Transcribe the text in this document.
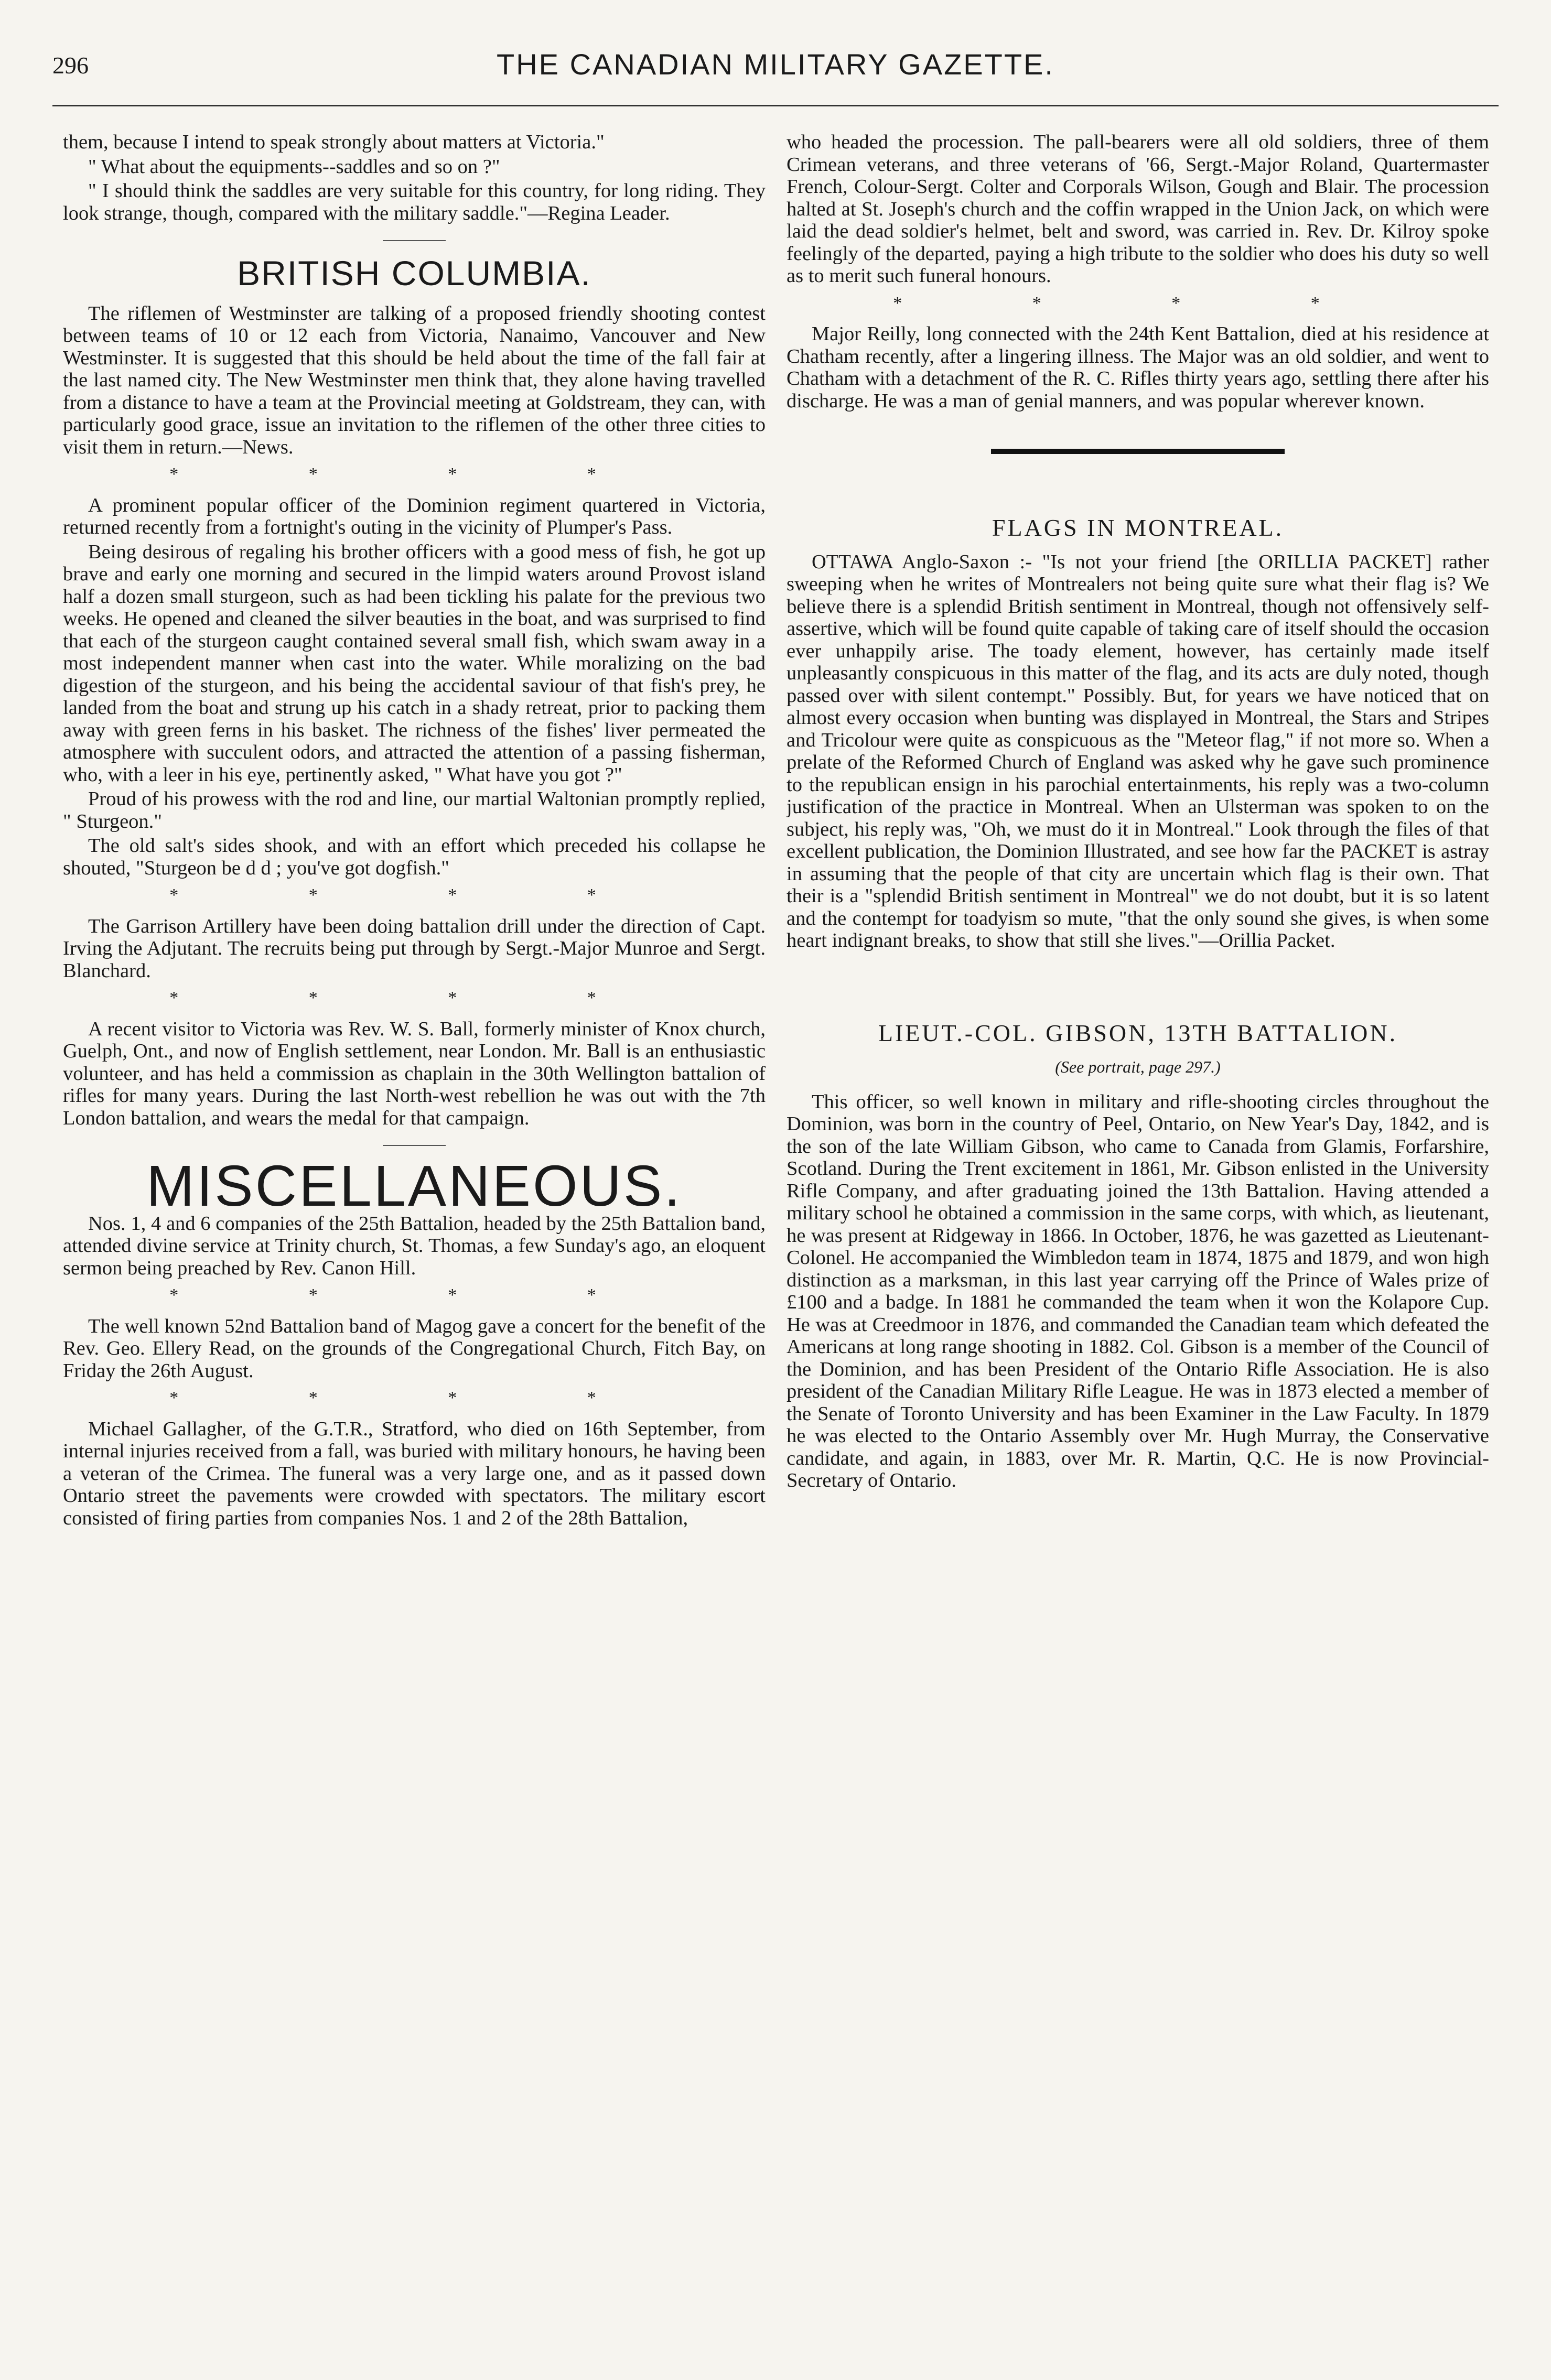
296	THE CANADIAN MILITARY GAZETTE.

them, because I intend to speak strongly about matters at Victoria."

" What about the equipments--saddles and so on ?"

" I should think the saddles are very suitable for this country, for long riding. They look strange, though, compared with the military saddle."—Regina Leader.

BRITISH COLUMBIA.

The riflemen of Westminster are talking of a proposed friendly shooting contest between teams of 10 or 12 each from Victoria, Nanaimo, Vancouver and New Westminster. It is suggested that this should be held about the time of the fall fair at the last named city. The New Westminster men think that, they alone having travelled from a distance to have a team at the Provincial meeting at Goldstream, they can, with particularly good grace, issue an invitation to the riflemen of the other three cities to visit them in return.—News.

* * * *

A prominent popular officer of the Dominion regiment quartered in Victoria, returned recently from a fortnight's outing in the vicinity of Plumper's Pass.

Being desirous of regaling his brother officers with a good mess of fish, he got up brave and early one morning and secured in the limpid waters around Provost island half a dozen small sturgeon, such as had been tickling his palate for the previous two weeks. He opened and cleaned the silver beauties in the boat, and was surprised to find that each of the sturgeon caught contained several small fish, which swam away in a most independent manner when cast into the water. While moralizing on the bad digestion of the sturgeon, and his being the accidental saviour of that fish's prey, he landed from the boat and strung up his catch in a shady retreat, prior to packing them away with green ferns in his basket. The richness of the fishes' liver permeated the atmosphere with succulent odors, and attracted the attention of a passing fisherman, who, with a leer in his eye, pertinently asked, " What have you got ?"

Proud of his prowess with the rod and line, our martial Waltonian promptly replied, " Sturgeon."

The old salt's sides shook, and with an effort which preceded his collapse he shouted, "Sturgeon be d d ; you've got dogfish."

* * * *

The Garrison Artillery have been doing battalion drill under the direction of Capt. Irving the Adjutant. The recruits being put through by Sergt.-Major Munroe and Sergt. Blanchard.

* * * *

A recent visitor to Victoria was Rev. W. S. Ball, formerly minister of Knox church, Guelph, Ont., and now of English settlement, near London. Mr. Ball is an enthusiastic volunteer, and has held a commission as chaplain in the 30th Wellington battalion of rifles for many years. During the last North-west rebellion he was out with the 7th London battalion, and wears the medal for that campaign.

MISCELLANEOUS.

Nos. 1, 4 and 6 companies of the 25th Battalion, headed by the 25th Battalion band, attended divine service at Trinity church, St. Thomas, a few Sunday's ago, an eloquent sermon being preached by Rev. Canon Hill.

* * * *

The well known 52nd Battalion band of Magog gave a concert for the benefit of the Rev. Geo. Ellery Read, on the grounds of the Congregational Church, Fitch Bay, on Friday the 26th August.

* * * *

Michael Gallagher, of the G.T.R., Stratford, who died on 16th September, from internal injuries received from a fall, was buried with military honours, he having been a veteran of the Crimea. The funeral was a very large one, and as it passed down Ontario street the pavements were crowded with spectators. The military escort consisted of firing parties from companies Nos. 1 and 2 of the 28th Battalion,

who headed the procession. The pall-bearers were all old soldiers, three of them Crimean veterans, and three veterans of '66, Sergt.-Major Roland, Quartermaster French, Colour-Sergt. Colter and Corporals Wilson, Gough and Blair. The procession halted at St. Joseph's church and the coffin wrapped in the Union Jack, on which were laid the dead soldier's helmet, belt and sword, was carried in. Rev. Dr. Kilroy spoke feelingly of the departed, paying a high tribute to the soldier who does his duty so well as to merit such funeral honours.

* * * *

Major Reilly, long connected with the 24th Kent Battalion, died at his residence at Chatham recently, after a lingering illness. The Major was an old soldier, and went to Chatham with a detachment of the R. C. Rifles thirty years ago, settling there after his discharge. He was a man of genial manners, and was popular wherever known.

FLAGS IN MONTREAL.

OTTAWA Anglo-Saxon :- "Is not your friend [the ORILLIA PACKET] rather sweeping when he writes of Montrealers not being quite sure what their flag is? We believe there is a splendid British sentiment in Montreal, though not offensively self-assertive, which will be found quite capable of taking care of itself should the occasion ever unhappily arise. The toady element, however, has certainly made itself unpleasantly conspicuous in this matter of the flag, and its acts are duly noted, though passed over with silent contempt." Possibly. But, for years we have noticed that on almost every occasion when bunting was displayed in Montreal, the Stars and Stripes and Tricolour were quite as conspicuous as the "Meteor flag," if not more so. When a prelate of the Reformed Church of England was asked why he gave such prominence to the republican ensign in his parochial entertainments, his reply was a two-column justification of the practice in Montreal. When an Ulsterman was spoken to on the subject, his reply was, "Oh, we must do it in Montreal." Look through the files of that excellent publication, the Dominion Illustrated, and see how far the PACKET is astray in assuming that the people of that city are uncertain which flag is their own. That their is a "splendid British sentiment in Montreal" we do not doubt, but it is so latent and the contempt for toadyism so mute, "that the only sound she gives, is when some heart indignant breaks, to show that still she lives."—Orillia Packet.

LIEUT.-COL. GIBSON, 13TH BATTALION.
(See portrait, page 297.)

This officer, so well known in military and rifle-shooting circles throughout the Dominion, was born in the country of Peel, Ontario, on New Year's Day, 1842, and is the son of the late William Gibson, who came to Canada from Glamis, Forfarshire, Scotland. During the Trent excitement in 1861, Mr. Gibson enlisted in the University Rifle Company, and after graduating joined the 13th Battalion. Having attended a military school he obtained a commission in the same corps, with which, as lieutenant, he was present at Ridgeway in 1866. In October, 1876, he was gazetted as Lieutenant-Colonel. He accompanied the Wimbledon team in 1874, 1875 and 1879, and won high distinction as a marksman, in this last year carrying off the Prince of Wales prize of £100 and a badge. In 1881 he commanded the team when it won the Kolapore Cup. He was at Creedmoor in 1876, and commanded the Canadian team which defeated the Americans at long range shooting in 1882. Col. Gibson is a member of the Council of the Dominion, and has been President of the Ontario Rifle Association. He is also president of the Canadian Military Rifle League. He was in 1873 elected a member of the Senate of Toronto University and has been Examiner in the Law Faculty. In 1879 he was elected to the Ontario Assembly over Mr. Hugh Murray, the Conservative candidate, and again, in 1883, over Mr. R. Martin, Q.C. He is now Provincial-Secretary of Ontario.
